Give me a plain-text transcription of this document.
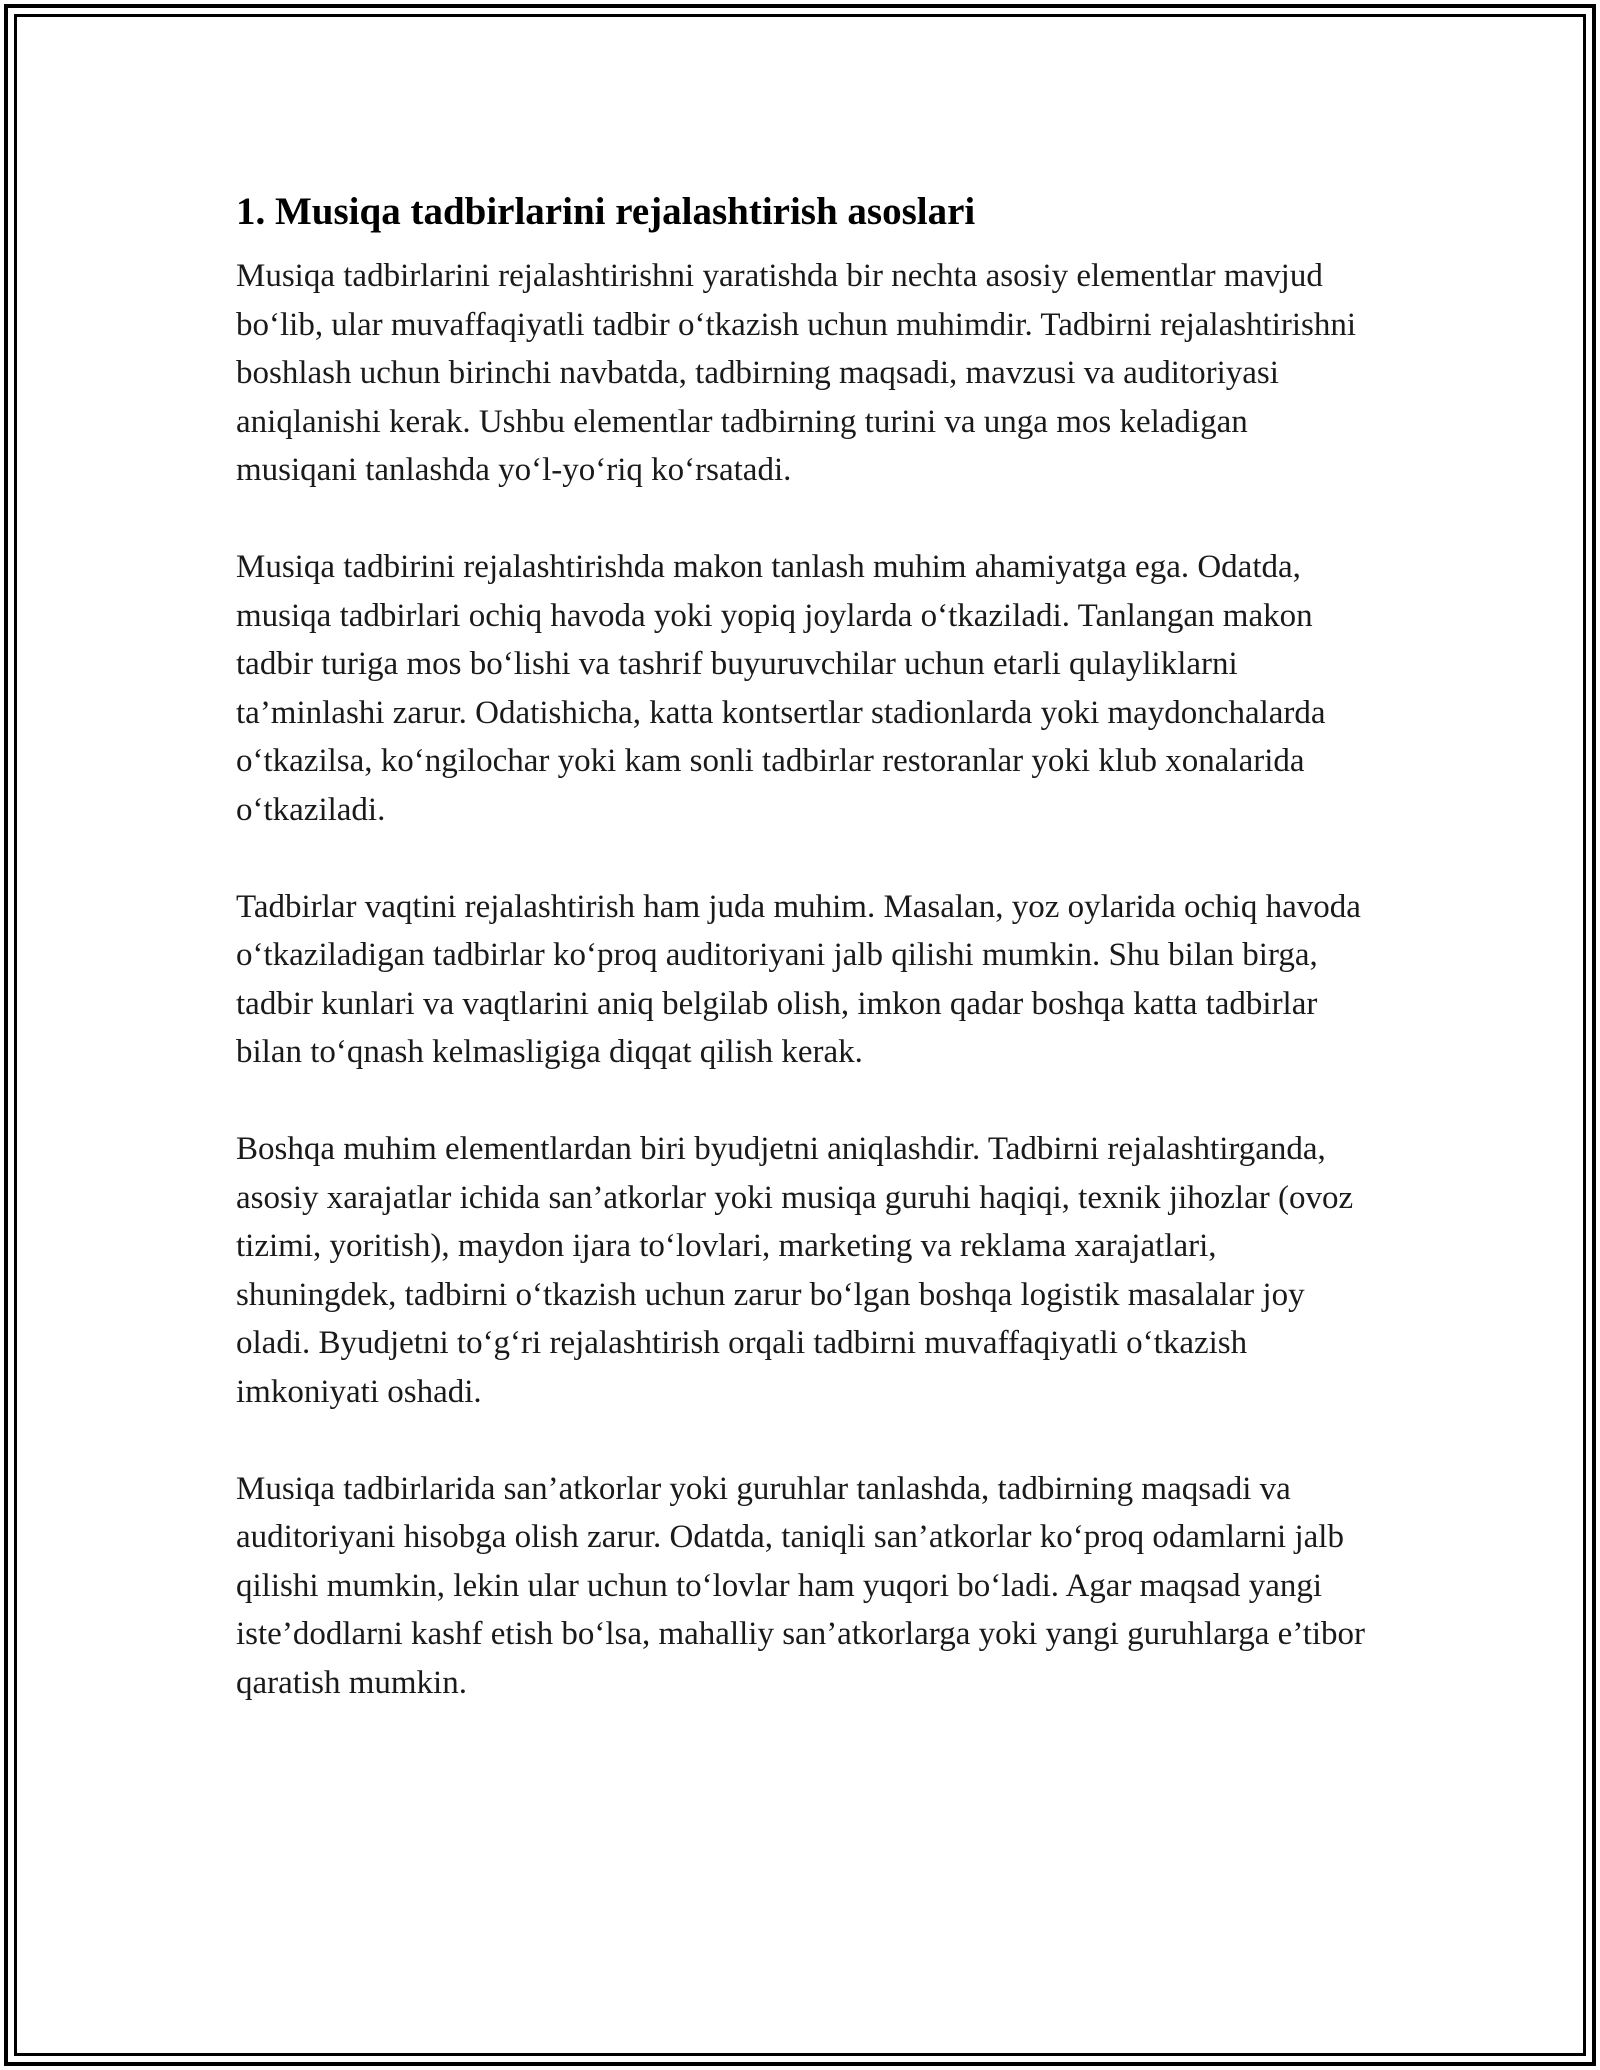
1. Musiqa tadbirlarini rejalashtirish asoslari

Musiqa tadbirlarini rejalashtirishni yaratishda bir nechta asosiy elementlar mavjud bo‘lib, ular muvaffaqiyatli tadbir o‘tkazish uchun muhimdir. Tadbirni rejalashtirishni boshlash uchun birinchi navbatda, tadbirning maqsadi, mavzusi va auditoriyasi aniqlanishi kerak. Ushbu elementlar tadbirning turini va unga mos keladigan musiqani tanlashda yo‘l-yo‘riq ko‘rsatadi.

Musiqa tadbirini rejalashtirishda makon tanlash muhim ahamiyatga ega. Odatda, musiqa tadbirlari ochiq havoda yoki yopiq joylarda o‘tkaziladi. Tanlangan makon tadbir turiga mos bo‘lishi va tashrif buyuruvchilar uchun etarli qulayliklarni ta’minlashi zarur. Odatishicha, katta kontsertlar stadionlarda yoki maydonchalarda o‘tkazilsa, ko‘ngilochar yoki kam sonli tadbirlar restoranlar yoki klub xonalarida o‘tkaziladi.

Tadbirlar vaqtini rejalashtirish ham juda muhim. Masalan, yoz oylarida ochiq havoda o‘tkaziladigan tadbirlar ko‘proq auditoriyani jalb qilishi mumkin. Shu bilan birga, tadbir kunlari va vaqtlarini aniq belgilab olish, imkon qadar boshqa katta tadbirlar bilan to‘qnash kelmasligiga diqqat qilish kerak.

Boshqa muhim elementlardan biri byudjetni aniqlashdir. Tadbirni rejalashtirganda, asosiy xarajatlar ichida san’atkorlar yoki musiqa guruhi haqiqi, texnik jihozlar (ovoz tizimi, yoritish), maydon ijara to‘lovlari, marketing va reklama xarajatlari, shuningdek, tadbirni o‘tkazish uchun zarur bo‘lgan boshqa logistik masalalar joy oladi. Byudjetni to‘g‘ri rejalashtirish orqali tadbirni muvaffaqiyatli o‘tkazish imkoniyati oshadi.

Musiqa tadbirlarida san’atkorlar yoki guruhlar tanlashda, tadbirning maqsadi va auditoriyani hisobga olish zarur. Odatda, taniqli san’atkorlar ko‘proq odamlarni jalb qilishi mumkin, lekin ular uchun to‘lovlar ham yuqori bo‘ladi. Agar maqsad yangi iste’dodlarni kashf etish bo‘lsa, mahalliy san’atkorlarga yoki yangi guruhlarga e’tibor qaratish mumkin.
